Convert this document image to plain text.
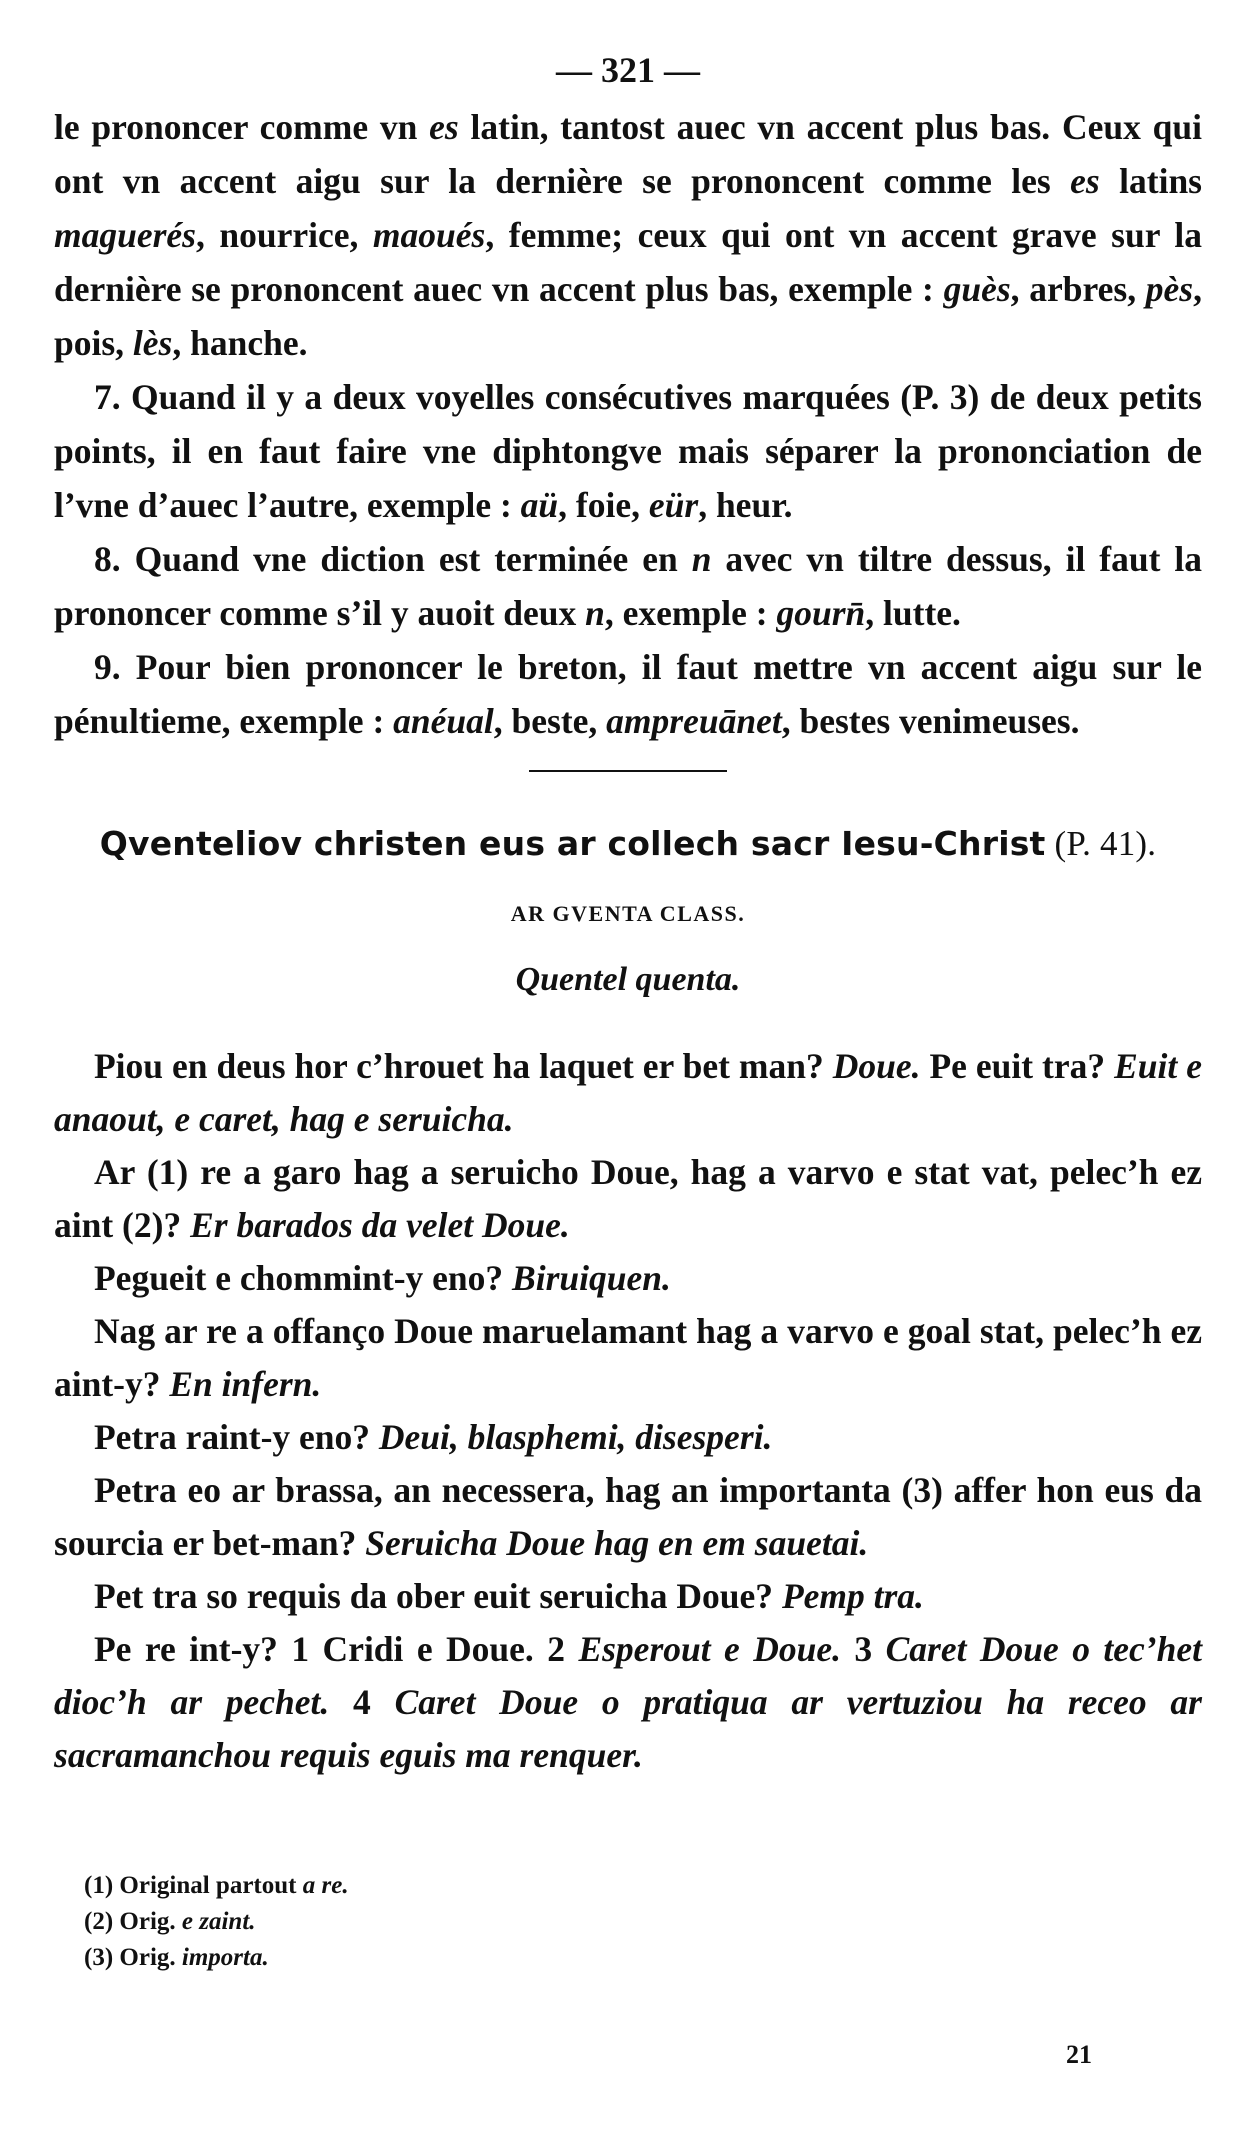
— 321 —

le prononcer comme vn es latin, tantost auec vn accent plus bas. Ceux qui ont vn accent aigu sur la dernière se prononcent comme les es latins maguerés, nourrice, maoués, femme; ceux qui ont vn accent grave sur la dernière se prononcent auec vn accent plus bas, exemple : guès, arbres, pès, pois, lès, hanche.

7. Quand il y a deux voyelles consécutives marquées (P. 3) de deux petits points, il en faut faire vne diphtongve mais séparer la prononciation de l’vne d’auec l’autre, exemple : aü, foie, eür, heur.

8. Quand vne diction est terminée en n avec vn tiltre dessus, il faut la prononcer comme s’il y auoit deux n, exemple : gourn̄, lutte.

9. Pour bien prononcer le breton, il faut mettre vn accent aigu sur le pénultieme, exemple : anéual, beste, ampreuānet, bestes venimeuses.

Qventeliov christen eus ar collech sacr Iesu-Christ (P. 41).
AR GVENTA CLASS.
Quentel quenta.

Piou en deus hor c’hrouet ha laquet er bet man? Doue. Pe euit tra? Euit e anaout, e caret, hag e seruicha.

Ar (1) re a garo hag a seruicho Doue, hag a varvo e stat vat, pelec’h ez aint (2)? Er barados da velet Doue.

Pegueit e chommint-y eno? Biruiquen.

Nag ar re a offanço Doue maruelamant hag a varvo e goal stat, pelec’h ez aint-y? En infern.

Petra raint-y eno? Deui, blasphemi, disesperi.

Petra eo ar brassa, an necessera, hag an importanta (3) affer hon eus da sourcia er bet-man? Seruicha Doue hag en em sauetai.

Pet tra so requis da ober euit seruicha Doue? Pemp tra.

Pe re int-y? 1 Cridi e Doue. 2 Esperout e Doue. 3 Caret Doue o tec’het dioc’h ar pechet. 4 Caret Doue o pratiqua ar vertuziou ha receo ar sacramanchou requis eguis ma renquer.

(1) Original partout a re.
(2) Orig. e zaint.
(3) Orig. importa.
21
